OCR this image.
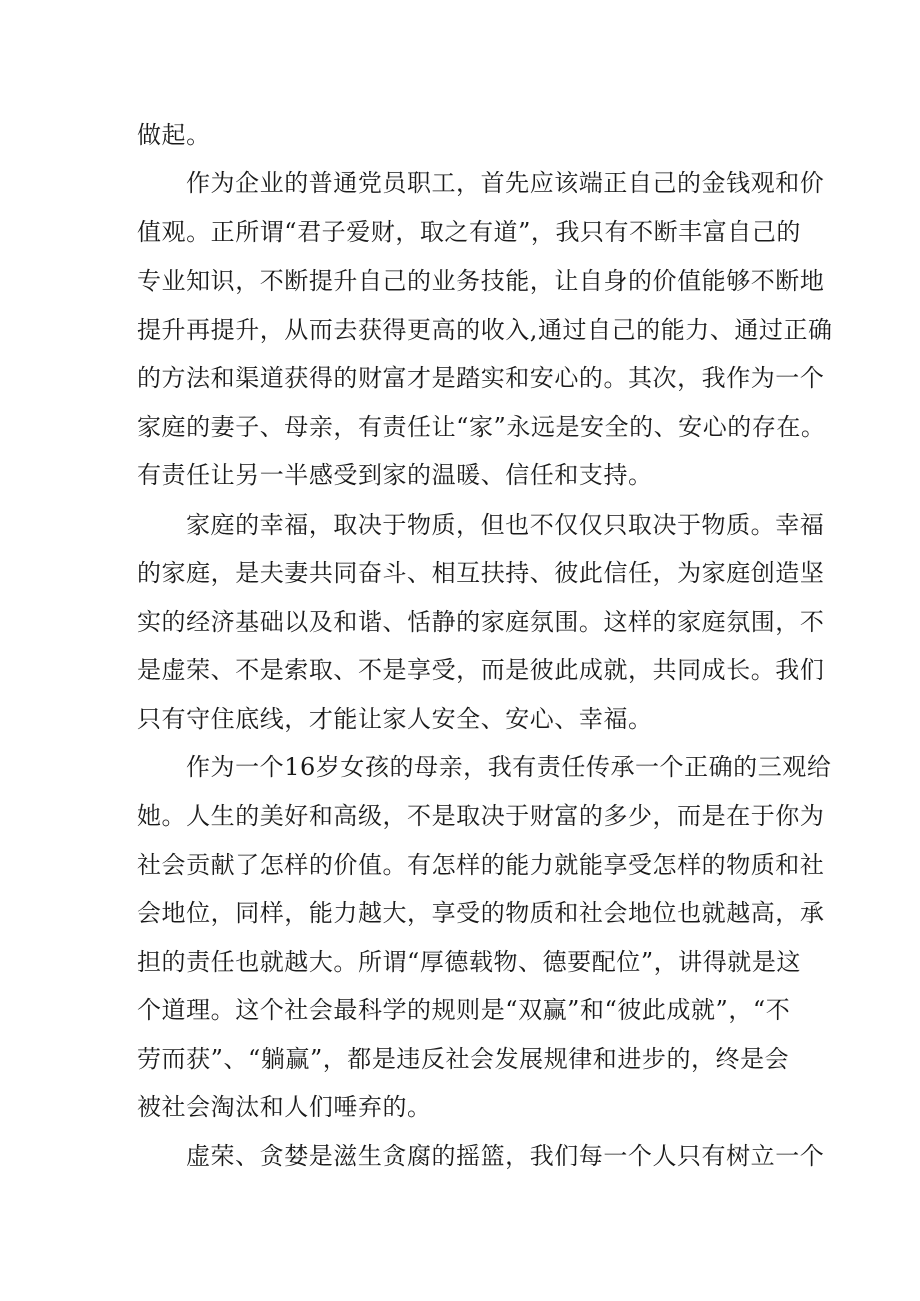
做起。
作为企业的普通党员职工，首先应该端正自己的金钱观和价
值观。正所谓“君子爱财，取之有道”，我只有不断丰富自己的
专业知识，不断提升自己的业务技能，让自身的价值能够不断地
提升再提升，从而去获得更高的收入,通过自己的能力、通过正确
的方法和渠道获得的财富才是踏实和安心的。其次，我作为一个
家庭的妻子、母亲，有责任让“家”永远是安全的、安心的存在。
有责任让另一半感受到家的温暖、信任和支持。
家庭的幸福，取决于物质，但也不仅仅只取决于物质。幸福
的家庭，是夫妻共同奋斗、相互扶持、彼此信任，为家庭创造坚
实的经济基础以及和谐、恬静的家庭氛围。这样的家庭氛围，不
是虚荣、不是索取、不是享受，而是彼此成就，共同成长。我们
只有守住底线，才能让家人安全、安心、幸福。
作为一个16岁女孩的母亲，我有责任传承一个正确的三观给
她。人生的美好和高级，不是取决于财富的多少，而是在于你为
社会贡献了怎样的价值。有怎样的能力就能享受怎样的物质和社
会地位，同样，能力越大，享受的物质和社会地位也就越高，承
担的责任也就越大。所谓“厚德载物、德要配位”，讲得就是这
个道理。这个社会最科学的规则是“双赢”和“彼此成就”，“不
劳而获”、“躺赢”，都是违反社会发展规律和进步的，终是会
被社会淘汰和人们唾弃的。
虚荣、贪婪是滋生贪腐的摇篮，我们每一个人只有树立一个
